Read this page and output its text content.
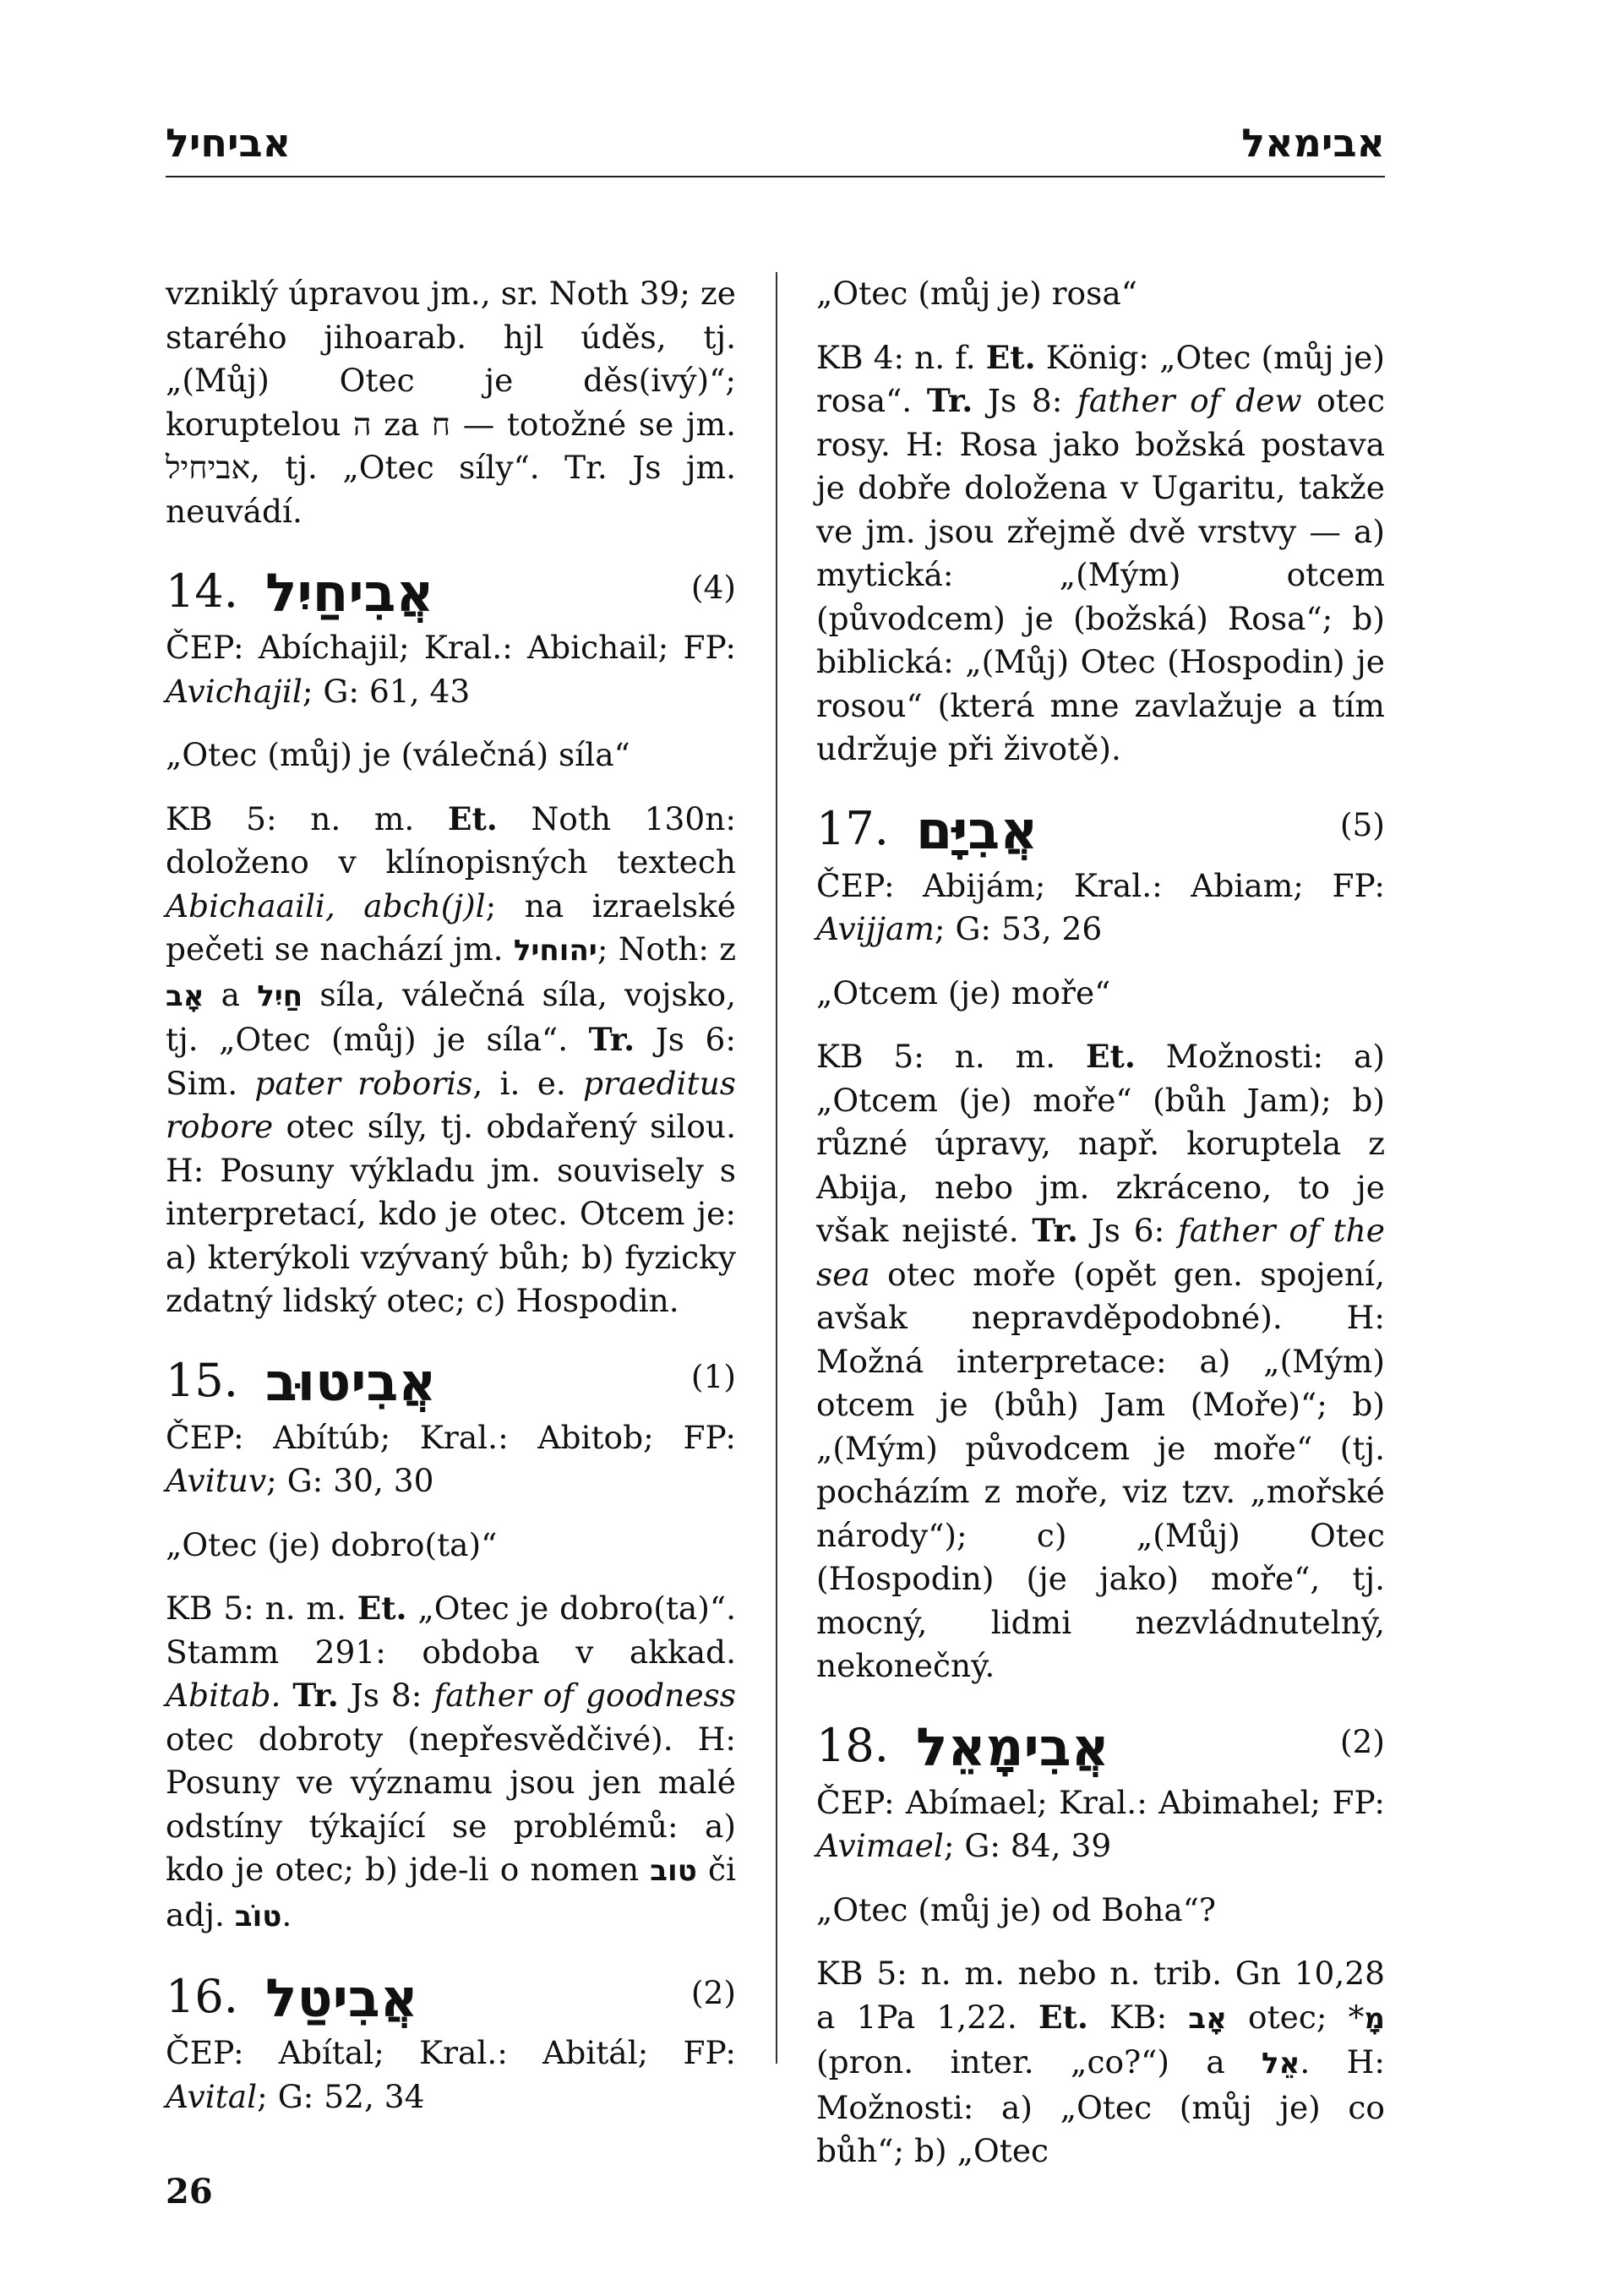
אביחיל	אבימאל

vzniklý úpravou jm., sr. Noth 39; ze starého jihoarab. hjl úděs, tj. „(Můj) Otec je děs(ivý)“; koruptelou ה za ח — totožné se jm. אביחיל, tj. „Otec síly“. Tr. Js jm. neuvádí.

14. אֲבִיחַיִל	(4)

ČEP: Abíchajil; Kral.: Abichail; FP: Avichajil; G: 61, 43

„Otec (můj) je (válečná) síla“

KB 5: n. m. Et. Noth 130n: doloženo v klínopisných textech Abichaaili, abch(j)l; na izraelské pečeti se nachází jm. יהוחיל; Noth: z אָב a חַיִל síla, válečná síla, vojsko, tj. „Otec (můj) je síla“. Tr. Js 6: Sim. pater roboris, i. e. praeditus robore otec síly, tj. obdařený silou. H: Posuny výkladu jm. souvisely s interpretací, kdo je otec. Otcem je: a) kterýkoli vzývaný bůh; b) fyzicky zdatný lidský otec; c) Hospodin.

15. אֲבִיטוּב	(1)

ČEP: Abítúb; Kral.: Abitob; FP: Avituv; G: 30, 30

„Otec (je) dobro(ta)“

KB 5: n. m. Et. „Otec je dobro(ta)“. Stamm 291: obdoba v akkad. Abitab. Tr. Js 8: father of goodness otec dobroty (nepřesvědčivé). H: Posuny ve významu jsou jen malé odstíny týkající se problémů: a) kdo je otec; b) jde-li o nomen טוב či adj. טוֹב.

16. אֲבִיטַל	(2)

ČEP: Abítal; Kral.: Abitál; FP: Avital; G: 52, 34

„Otec (můj je) rosa“

KB 4: n. f. Et. König: „Otec (můj je) rosa“. Tr. Js 8: father of dew otec rosy. H: Rosa jako božská postava je dobře doložena v Ugaritu, takže ve jm. jsou zřejmě dvě vrstvy — a) mytická: „(Mým) otcem (původcem) je (božská) Rosa“; b) biblická: „(Můj) Otec (Hospodin) je rosou“ (která mne zavlažuje a tím udržuje při životě).

17. אֲבִיָּם	(5)

ČEP: Abijám; Kral.: Abiam; FP: Avijjam; G: 53, 26

„Otcem (je) moře“

KB 5: n. m. Et. Možnosti: a) „Otcem (je) moře“ (bůh Jam); b) různé úpravy, např. koruptela z Abija, nebo jm. zkráceno, to je však nejisté. Tr. Js 6: father of the sea otec moře (opět gen. spojení, avšak nepravděpodobné). H: Možná interpretace: a) „(Mým) otcem je (bůh) Jam (Moře)“; b) „(Mým) původcem je moře“ (tj. pocházím z moře, viz tzv. „mořské národy“); c) „(Můj) Otec (Hospodin) (je jako) moře“, tj. mocný, lidmi nezvládnutelný, nekonečný.

18. אֲבִימָאֵל	(2)

ČEP: Abímael; Kral.: Abimahel; FP: Avimael; G: 84, 39

„Otec (můj je) od Boha“?

KB 5: n. m. nebo n. trib. Gn 10,28 a 1Pa 1,22. Et. KB: אָב otec; *מָ (pron. inter. „co?“) a אֵל. H: Možnosti: a) „Otec (můj je) co bůh“; b) „Otec

26
